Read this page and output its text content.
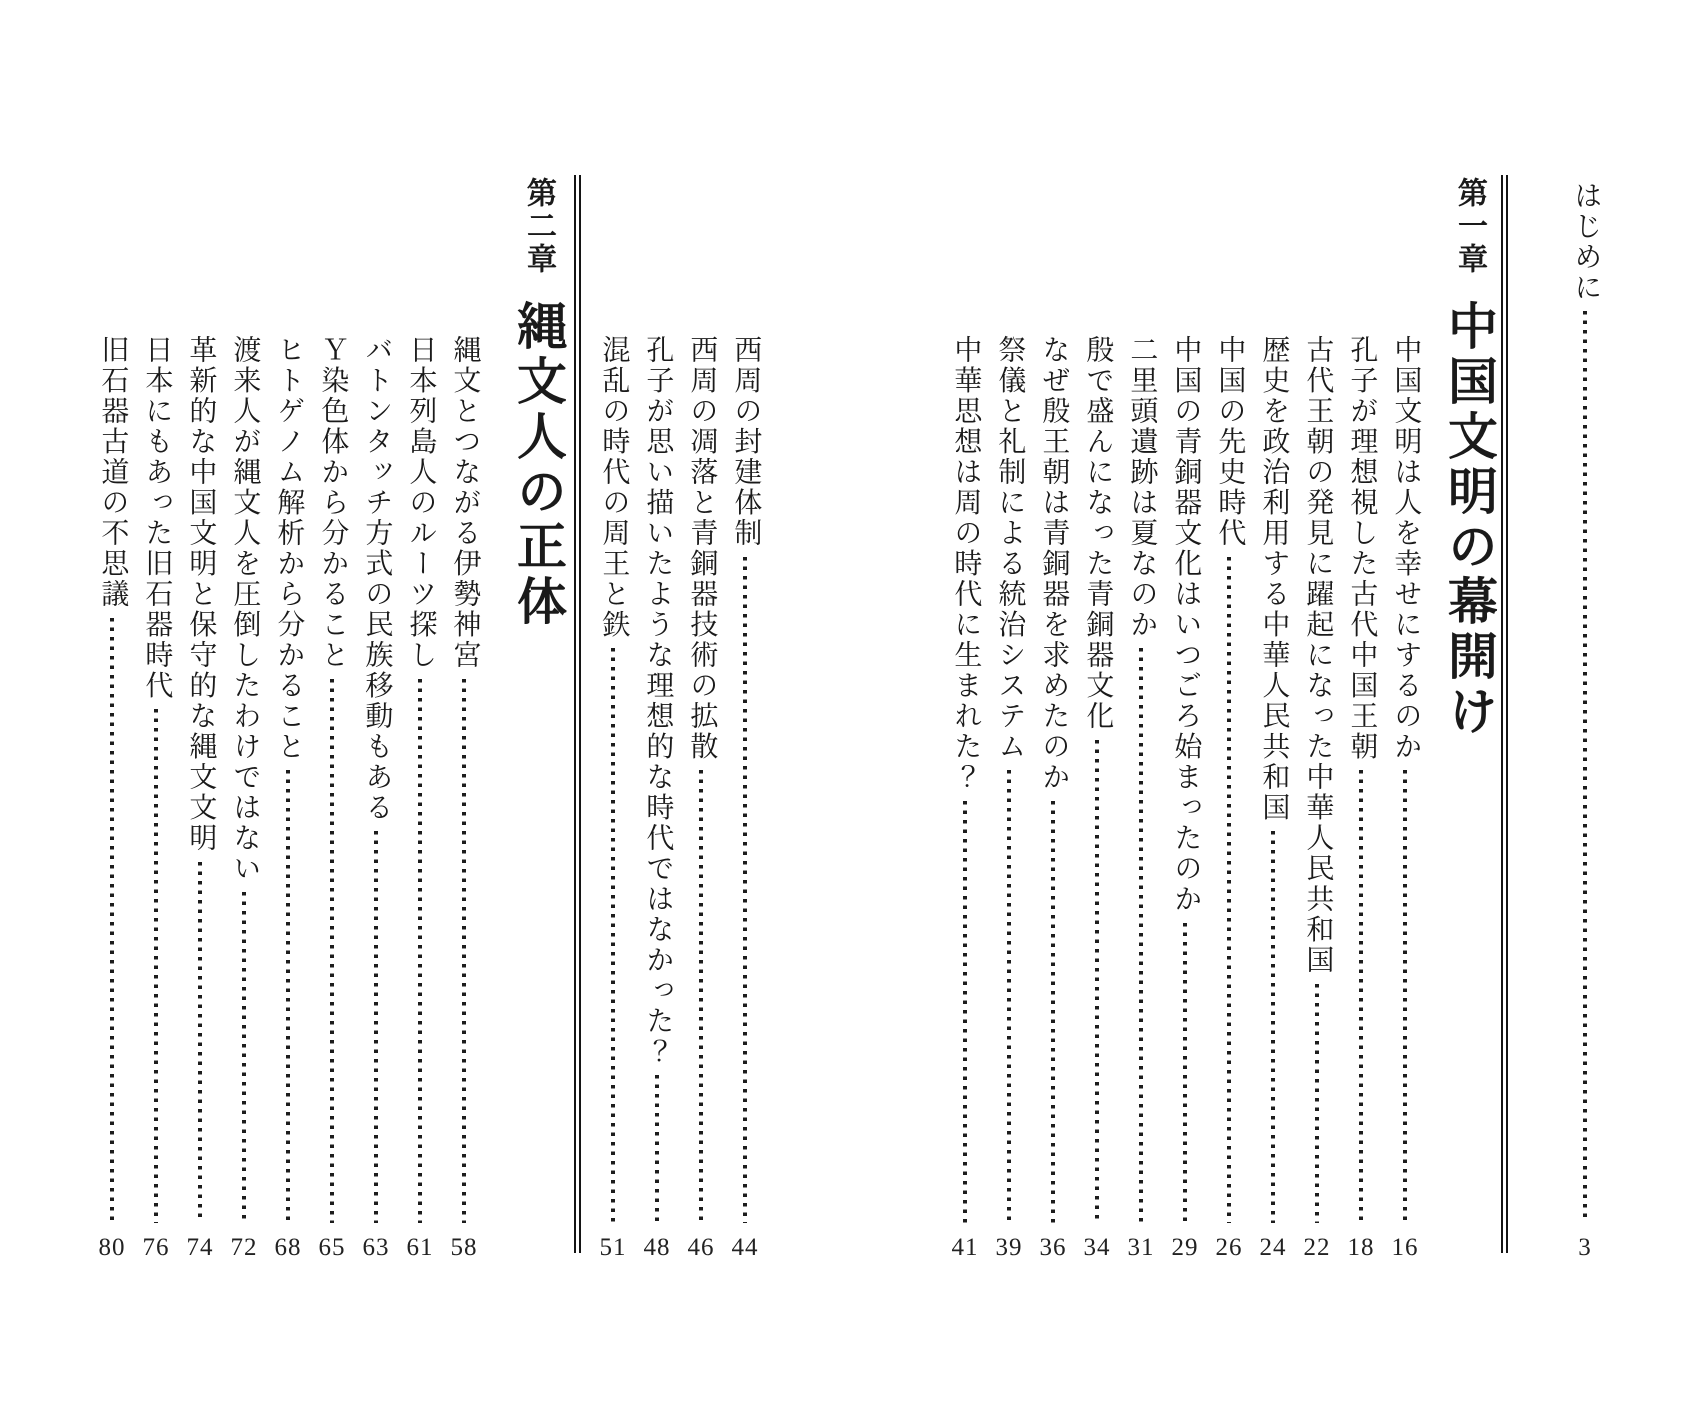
はじめに
3
第一章
中国文明の幕開け
中国文明は人を幸せにするのか
16
孔子が理想視した古代中国王朝
18
古代王朝の発見に躍起になった中華人民共和国
22
歴史を政治利用する中華人民共和国
24
中国の先史時代
26
中国の青銅器文化はいつごろ始まったのか
29
二里頭遺跡は夏なのか
31
殷で盛んになった青銅器文化
34
なぜ殷王朝は青銅器を求めたのか
36
祭儀と礼制による統治システム
39
中華思想は周の時代に生まれた？
41
西周の封建体制
44
西周の凋落と青銅器技術の拡散
46
孔子が思い描いたような理想的な時代ではなかった？
48
混乱の時代の周王と鉄
51
第二章
縄文人の正体
縄文とつながる伊勢神宮
58
日本列島人のルーツ探し
61
バトンタッチ方式の民族移動もある
63
Ｙ染色体から分かること
65
ヒトゲノム解析から分かること
68
渡来人が縄文人を圧倒したわけではない
72
革新的な中国文明と保守的な縄文文明
74
日本にもあった旧石器時代
76
旧石器古道の不思議
80
